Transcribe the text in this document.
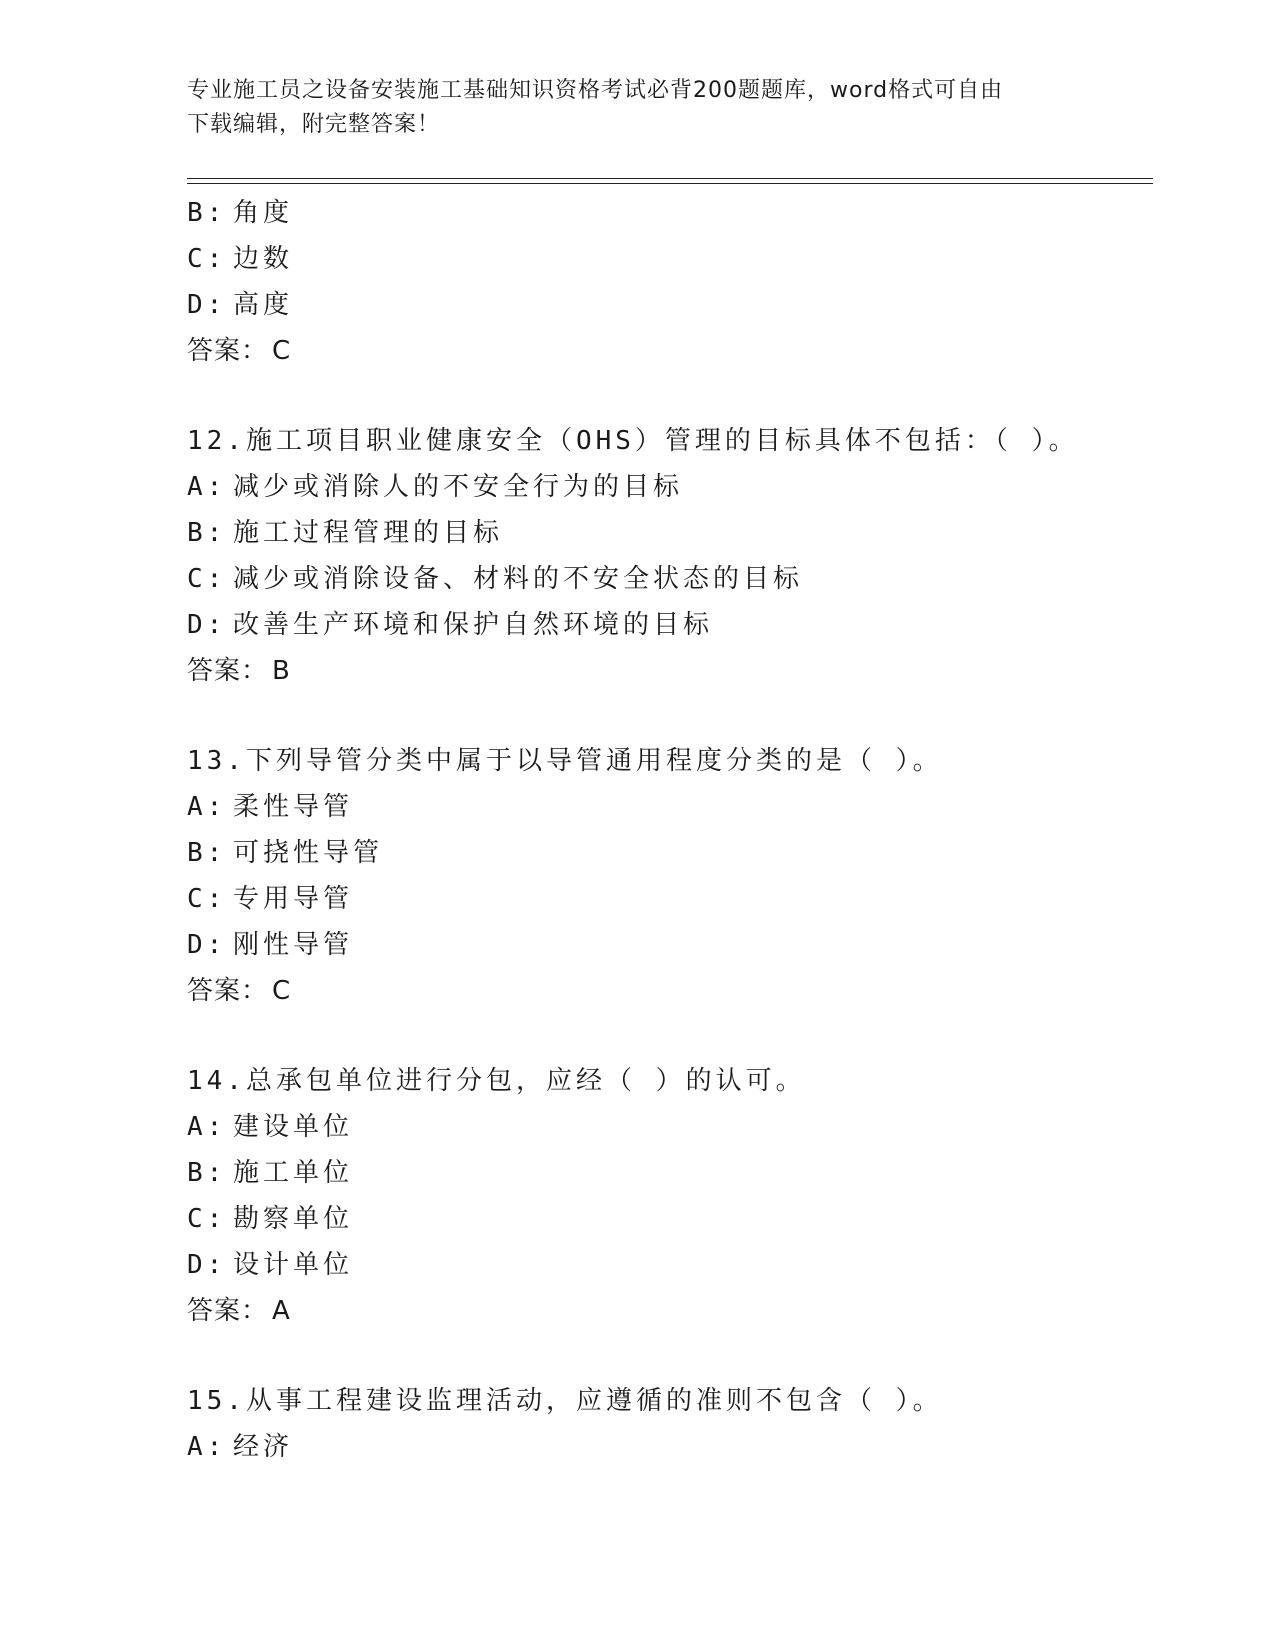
专业施工员之设备安装施工基础知识资格考试必背200题题库，word格式可自由
下载编辑，附完整答案！
B: 角度
C: 边数
D: 高度
答案： C
12.施工项目职业健康安全（OHS）管理的目标具体不包括：（ ）。
A: 减少或消除人的不安全行为的目标
B: 施工过程管理的目标
C: 减少或消除设备、材料的不安全状态的目标
D: 改善生产环境和保护自然环境的目标
答案： B
13.下列导管分类中属于以导管通用程度分类的是（ ）。
A: 柔性导管
B: 可挠性导管
C: 专用导管
D: 刚性导管
答案： C
14.总承包单位进行分包，应经（ ）的认可。
A: 建设单位
B: 施工单位
C: 勘察单位
D: 设计单位
答案： A
15.从事工程建设监理活动，应遵循的准则不包含（ ）。
A: 经济
